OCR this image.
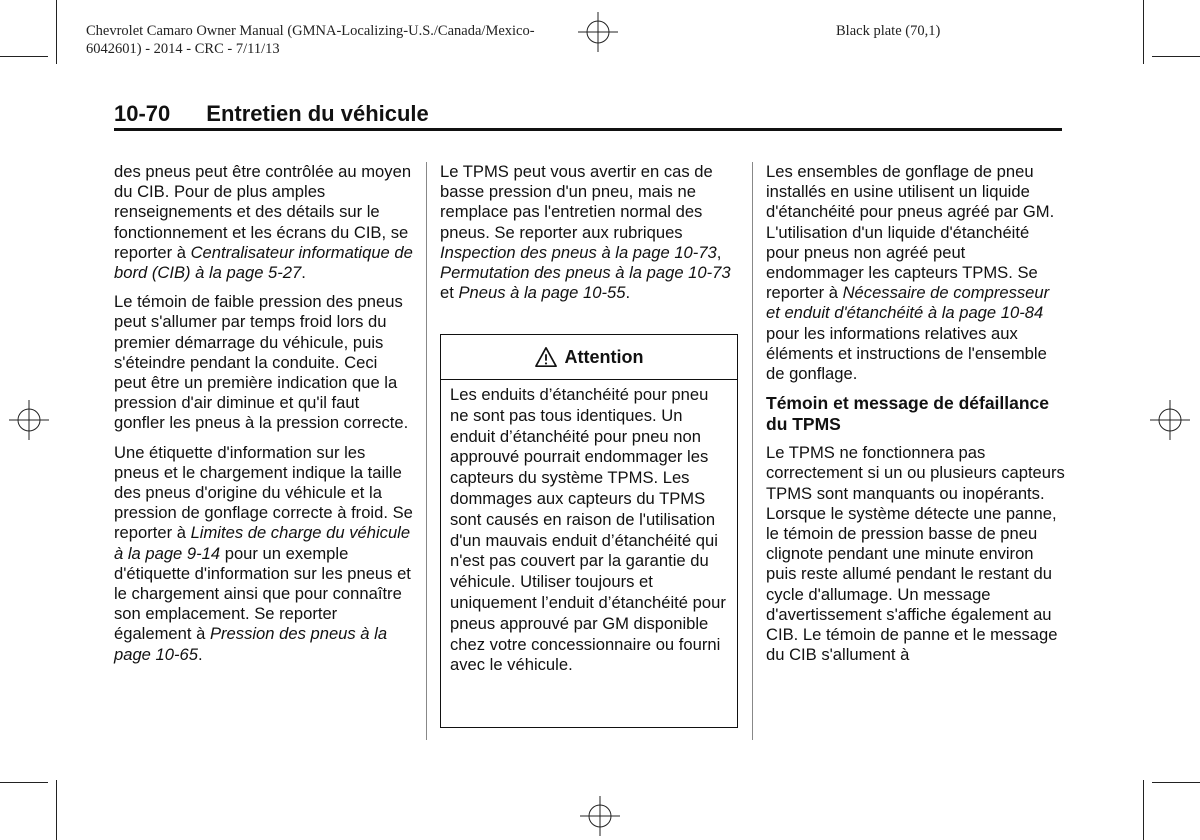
Chevrolet Camaro Owner Manual (GMNA-Localizing-U.S./Canada/Mexico-
6042601) - 2014 - CRC - 7/11/13
Black plate (70,1)
10-70 Entretien du véhicule

des pneus peut être contrôlée au moyen du CIB. Pour de plus amples renseignements et des détails sur le fonctionnement et les écrans du CIB, se reporter à Centralisateur informatique de bord (CIB) à la page 5-27.

Le témoin de faible pression des pneus peut s'allumer par temps froid lors du premier démarrage du véhicule, puis s'éteindre pendant la conduite. Ceci peut être un première indication que la pression d'air diminue et qu'il faut gonfler les pneus à la pression correcte.

Une étiquette d'information sur les pneus et le chargement indique la taille des pneus d'origine du véhicule et la pression de gonflage correcte à froid. Se reporter à Limites de charge du véhicule à la page 9-14 pour un exemple d'étiquette d'information sur les pneus et le chargement ainsi que pour connaître son emplacement. Se reporter également à Pression des pneus à la page 10-65.

Le TPMS peut vous avertir en cas de basse pression d'un pneu, mais ne remplace pas l'entretien normal des pneus. Se reporter aux rubriques Inspection des pneus à la page 10-73, Permutation des pneus à la page 10-73 et Pneus à la page 10-55.

Attention
Les enduits d’étanchéité pour pneu ne sont pas tous identiques. Un enduit d’étanchéité pour pneu non approuvé pourrait endommager les capteurs du système TPMS. Les dommages aux capteurs du TPMS sont causés en raison de l'utilisation d'un mauvais enduit d’étanchéité qui n'est pas couvert par la garantie du véhicule. Utiliser toujours et uniquement l’enduit d’étanchéité pour pneus approuvé par GM disponible chez votre concessionnaire ou fourni avec le véhicule.

Les ensembles de gonflage de pneu installés en usine utilisent un liquide d'étanchéité pour pneus agréé par GM. L'utilisation d'un liquide d'étanchéité pour pneus non agréé peut endommager les capteurs TPMS. Se reporter à Nécessaire de compresseur et enduit d'étanchéité à la page 10-84 pour les informations relatives aux éléments et instructions de l'ensemble de gonflage.

Témoin et message de défaillance du TPMS

Le TPMS ne fonctionnera pas correctement si un ou plusieurs capteurs TPMS sont manquants ou inopérants. Lorsque le système détecte une panne, le témoin de pression basse de pneu clignote pendant une minute environ puis reste allumé pendant le restant du cycle d'allumage. Un message d'avertissement s'affiche également au CIB. Le témoin de panne et le message du CIB s'allument à
